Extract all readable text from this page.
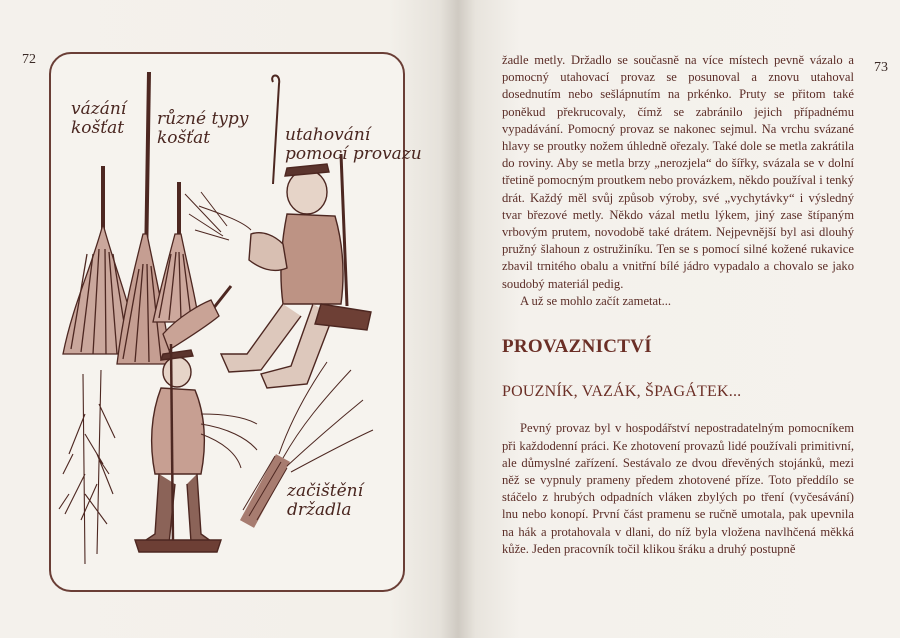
72
vázání
košťat různé typy
košťat	utahování
pomocí provazu
začištění
držadla
73

žadle metly. Držadlo se současně na více místech pevně vázalo a pomocný utahovací provaz se posunoval a znovu utahoval dosednutím nebo sešlápnutím na prkénko. Pruty se přitom také poněkud překrucovaly, čímž se zabránilo jejich případnému vypadávání. Pomocný provaz se nakonec sejmul. Na vrchu svázané hlavy se proutky nožem úhledně ořezaly. Také dole se metla zakrátila do roviny. Aby se metla brzy „nerozjela“ do šířky, svázala se v dolní třetině pomocným proutkem nebo provázkem, někdo používal i tenký drát. Každý měl svůj způsob výroby, své „vychytávky“ i výsledný tvar březové metly. Někdo vázal metlu lýkem, jiný zase štípaným vrbovým prutem, novodobě také drátem. Nejpevnější byl asi dlouhý pružný šlahoun z ostružiníku. Ten se s pomocí silné kožené rukavice zbavil trnitého obalu a vnitřní bílé jádro vypadalo a chovalo se jako soudobý materiál pedig.

A už se mohlo začít zametat...

PROVAZNICTVÍ
POUZNÍK, VAZÁK, ŠPAGÁTEK...

Pevný provaz byl v hospodářství nepostradatelným pomocníkem při každodenní práci. Ke zhotovení provazů lidé používali primitivní, ale důmyslné zařízení. Sestávalo ze dvou dřevěných stojánků, mezi něž se vypnuly prameny předem zhotovené příze. Toto předdílo se stáčelo z hrubých odpadních vláken zbylých po tření (vyčesávání) lnu nebo konopí. První část pramenu se ručně umotala, pak upevnila na hák a protahovala v dlani, do níž byla vložena navlhčená měkká kůže. Jeden pracovník točil klikou šráku a druhý postupně
